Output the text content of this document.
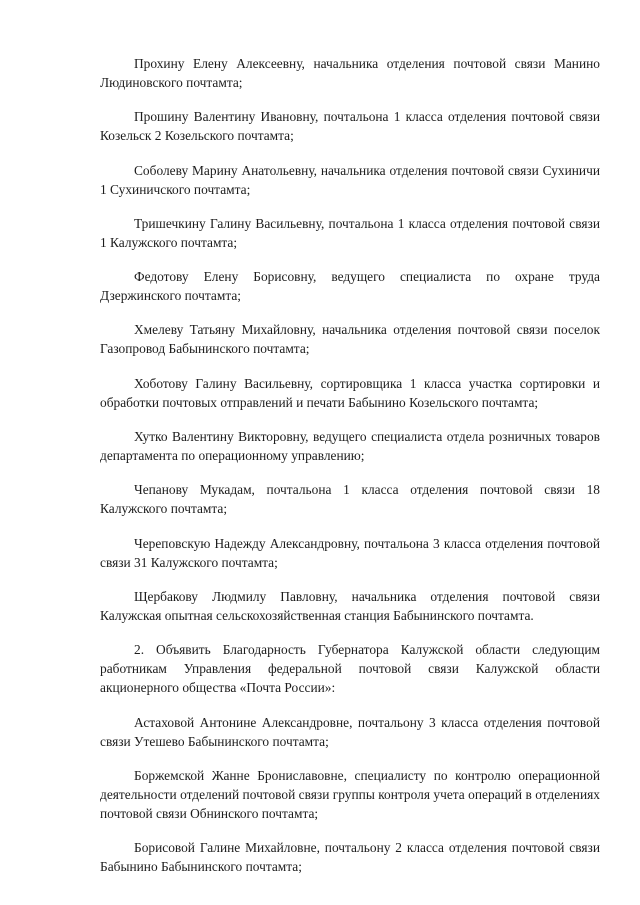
Прохину Елену Алексеевну, начальника отделения почтовой связи Манино Людиновского почтамта;

Прошину Валентину Ивановну, почтальона 1 класса отделения почтовой связи Козельск 2 Козельского почтамта;

Соболеву Марину Анатольевну, начальника отделения почтовой связи Сухиничи 1 Сухиничского почтамта;

Тришечкину Галину Васильевну, почтальона 1 класса отделения почтовой связи 1 Калужского почтамта;

Федотову Елену Борисовну, ведущего специалиста по охране труда Дзержинского почтамта;

Хмелеву Татьяну Михайловну, начальника отделения почтовой связи поселок Газопровод Бабынинского почтамта;

Хоботову Галину Васильевну, сортировщика 1 класса участка сортировки и обработки почтовых отправлений и печати Бабынино Козельского почтамта;

Хутко Валентину Викторовну, ведущего специалиста отдела розничных товаров департамента по операционному управлению;

Чепанову Мукадам, почтальона 1 класса отделения почтовой связи 18 Калужского почтамта;

Череповскую Надежду Александровну, почтальона 3 класса отделения почтовой связи 31 Калужского почтамта;

Щербакову Людмилу Павловну, начальника отделения почтовой связи Калужская опытная сельскохозяйственная станция Бабынинского почтамта.

2. Объявить Благодарность Губернатора Калужской области следующим работникам Управления федеральной почтовой связи Калужской области акционерного общества «Почта России»:

Астаховой Антонине Александровне, почтальону 3 класса отделения почтовой связи Утешево Бабынинского почтамта;

Боржемской Жанне Брониславовне, специалисту по контролю операционной деятельности отделений почтовой связи группы контроля учета операций в отделениях почтовой связи Обнинского почтамта;

Борисовой Галине Михайловне, почтальону 2 класса отделения почтовой связи Бабынино Бабынинского почтамта;
